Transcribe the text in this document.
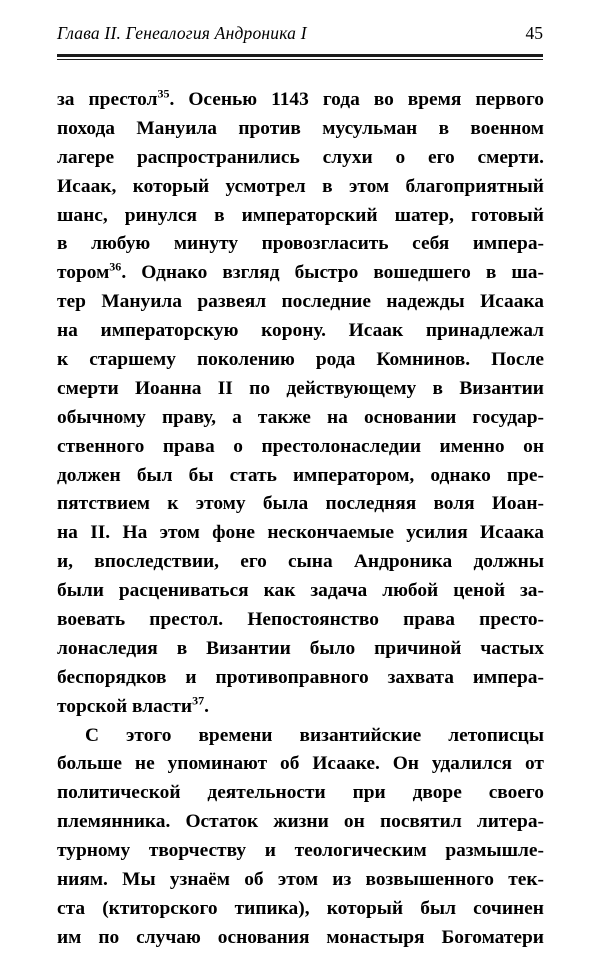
Глава II. Генеалогия Андроника I	45

за престол$^{35}$. Осенью 1143 года во время первого
похода Мануила против мусульман в военном
лагере распространились слухи о его смерти.
Исаак, который усмотрел в этом благоприятный
шанс, ринулся в императорский шатер, готовый
в любую минуту провозгласить себя импера-
тором$^{36}$. Однако взгляд быстро вошедшего в ша-
тер Мануила развеял последние надежды Исаака
на императорскую корону. Исаак принадлежал
к старшему поколению рода Комнинов. После
смерти Иоанна II по действующему в Византии
обычному праву, а также на основании государ-
ственного права о престолонаследии именно он
должен был бы стать императором, однако пре-
пятствием к этому была последняя воля Иоан-
на II. На этом фоне нескончаемые усилия Исаака
и, впоследствии, его сына Андроника должны
были расцениваться как задача любой ценой за-
воевать престол. Непостоянство права престо-
лонаследия в Византии было причиной частых
беспорядков и противоправного захвата импера-
торской власти$^{37}$.

С этого времени византийские летописцы
больше не упоминают об Исааке. Он удалился от
политической деятельности при дворе своего
племянника. Остаток жизни он посвятил литера-
турному творчеству и теологическим размышле-
ниям. Мы узнаём об этом из возвышенного тек-
ста (ктиторского типика), который был сочинен
им по случаю основания монастыря Богоматери
